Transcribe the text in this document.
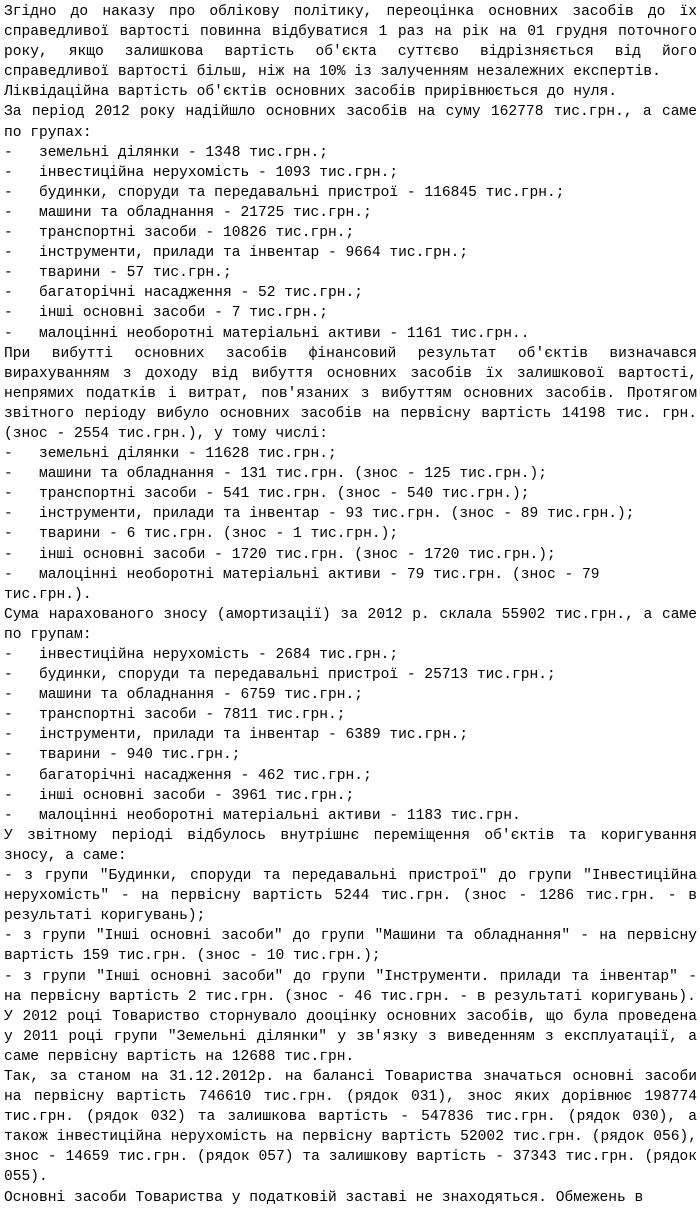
Згідно до наказу про облікову політику, переоцінка основних засобів до їх справедливої вартості повинна відбуватися 1 раз на рік на 01 грудня поточного року, якщо залишкова вартість об'єкта суттєво відрізняється від його справедливої вартості більш, ніж на 10% із залученням незалежних експертів.

Ліквідаційна вартість об'єктів основних засобів прирівнюється до нуля.

За період 2012 року надійшло основних засобів на суму 162778 тис.грн., а саме по групах:

-   земельні ділянки - 1348 тис.грн.;

-   інвестиційна нерухомість - 1093 тис.грн.;

-   будинки, споруди та передавальні пристрої - 116845 тис.грн.;

-   машини та обладнання - 21725 тис.грн.;

-   транспортні засоби - 10826 тис.грн.;

-   інструменти, прилади та інвентар - 9664 тис.грн.;

-   тварини - 57 тис.грн.;

-   багаторічні насадження - 52 тис.грн.;

-   інші основні засоби - 7 тис.грн.;

-   малоцінні необоротні матеріальні активи - 1161 тис.грн..

При вибутті основних засобів фінансовий результат об'єктів визначався вирахуванням з доходу від вибуття основних засобів їх залишкової вартості, непрямих податків і витрат, пов'язаних з вибуттям основних засобів. Протягом звітного періоду вибуло основних засобів на первісну вартість 14198 тис. грн. (знос - 2554 тис.грн.), у тому числі:

-   земельні ділянки - 11628 тис.грн.;

-   машини та обладнання - 131 тис.грн. (знос - 125 тис.грн.);

-   транспортні засоби - 541 тис.грн. (знос - 540 тис.грн.);

-   інструменти, прилади та інвентар - 93 тис.грн. (знос - 89 тис.грн.);

-   тварини - 6 тис.грн. (знос - 1 тис.грн.);

-   інші основні засоби - 1720 тис.грн. (знос - 1720 тис.грн.);

-   малоцінні необоротні матеріальні активи - 79 тис.грн. (знос - 79

тис.грн.).

Сума нарахованого зносу (амортизації) за 2012 р. склала 55902 тис.грн., а саме по групам:

-   інвестиційна нерухомість - 2684 тис.грн.;

-   будинки, споруди та передавальні пристрої - 25713 тис.грн.;

-   машини та обладнання - 6759 тис.грн.;

-   транспортні засоби - 7811 тис.грн.;

-   інструменти, прилади та інвентар - 6389 тис.грн.;

-   тварини - 940 тис.грн.;

-   багаторічні насадження - 462 тис.грн.;

-   інші основні засоби - 3961 тис.грн.;

-   малоцінні необоротні матеріальні активи - 1183 тис.грн.

У звітному періоді відбулось внутрішнє переміщення об'єктів та коригування зносу, а саме:

- з групи "Будинки, споруди та передавальні пристрої" до групи "Інвестиційна нерухомість" - на первісну вартість 5244 тис.грн. (знос - 1286 тис.грн. - в результаті коригувань);

- з групи "Інші основні засоби" до групи "Машини та обладнання" - на первісну вартість 159 тис.грн. (знос - 10 тис.грн.);

- з групи "Інші основні засоби" до групи "Інструменти. прилади та інвентар" - на первісну вартість 2 тис.грн. (знос - 46 тис.грн. - в результаті коригувань).

У 2012 році Товариство сторнувало дооцінку основних засобів, що була проведена у 2011 році групи "Земельні ділянки" у зв'язку з виведенням з експлуатації, а саме первісну вартість на 12688 тис.грн.

Так, за станом на 31.12.2012р. на балансі Товариства значаться основні засоби на первісну вартість 746610 тис.грн. (рядок 031), знос яких дорівнює 198774 тис.грн. (рядок 032) та залишкова вартість - 547836 тис.грн. (рядок 030), а також інвестиційна нерухомість на первісну вартість 52002 тис.грн. (рядок 056), знос - 14659 тис.грн. (рядок 057) та залишкову вартість - 37343 тис.грн. (рядок 055).

Основні засоби Товариства у податковій заставі не знаходяться. Обмежень в
